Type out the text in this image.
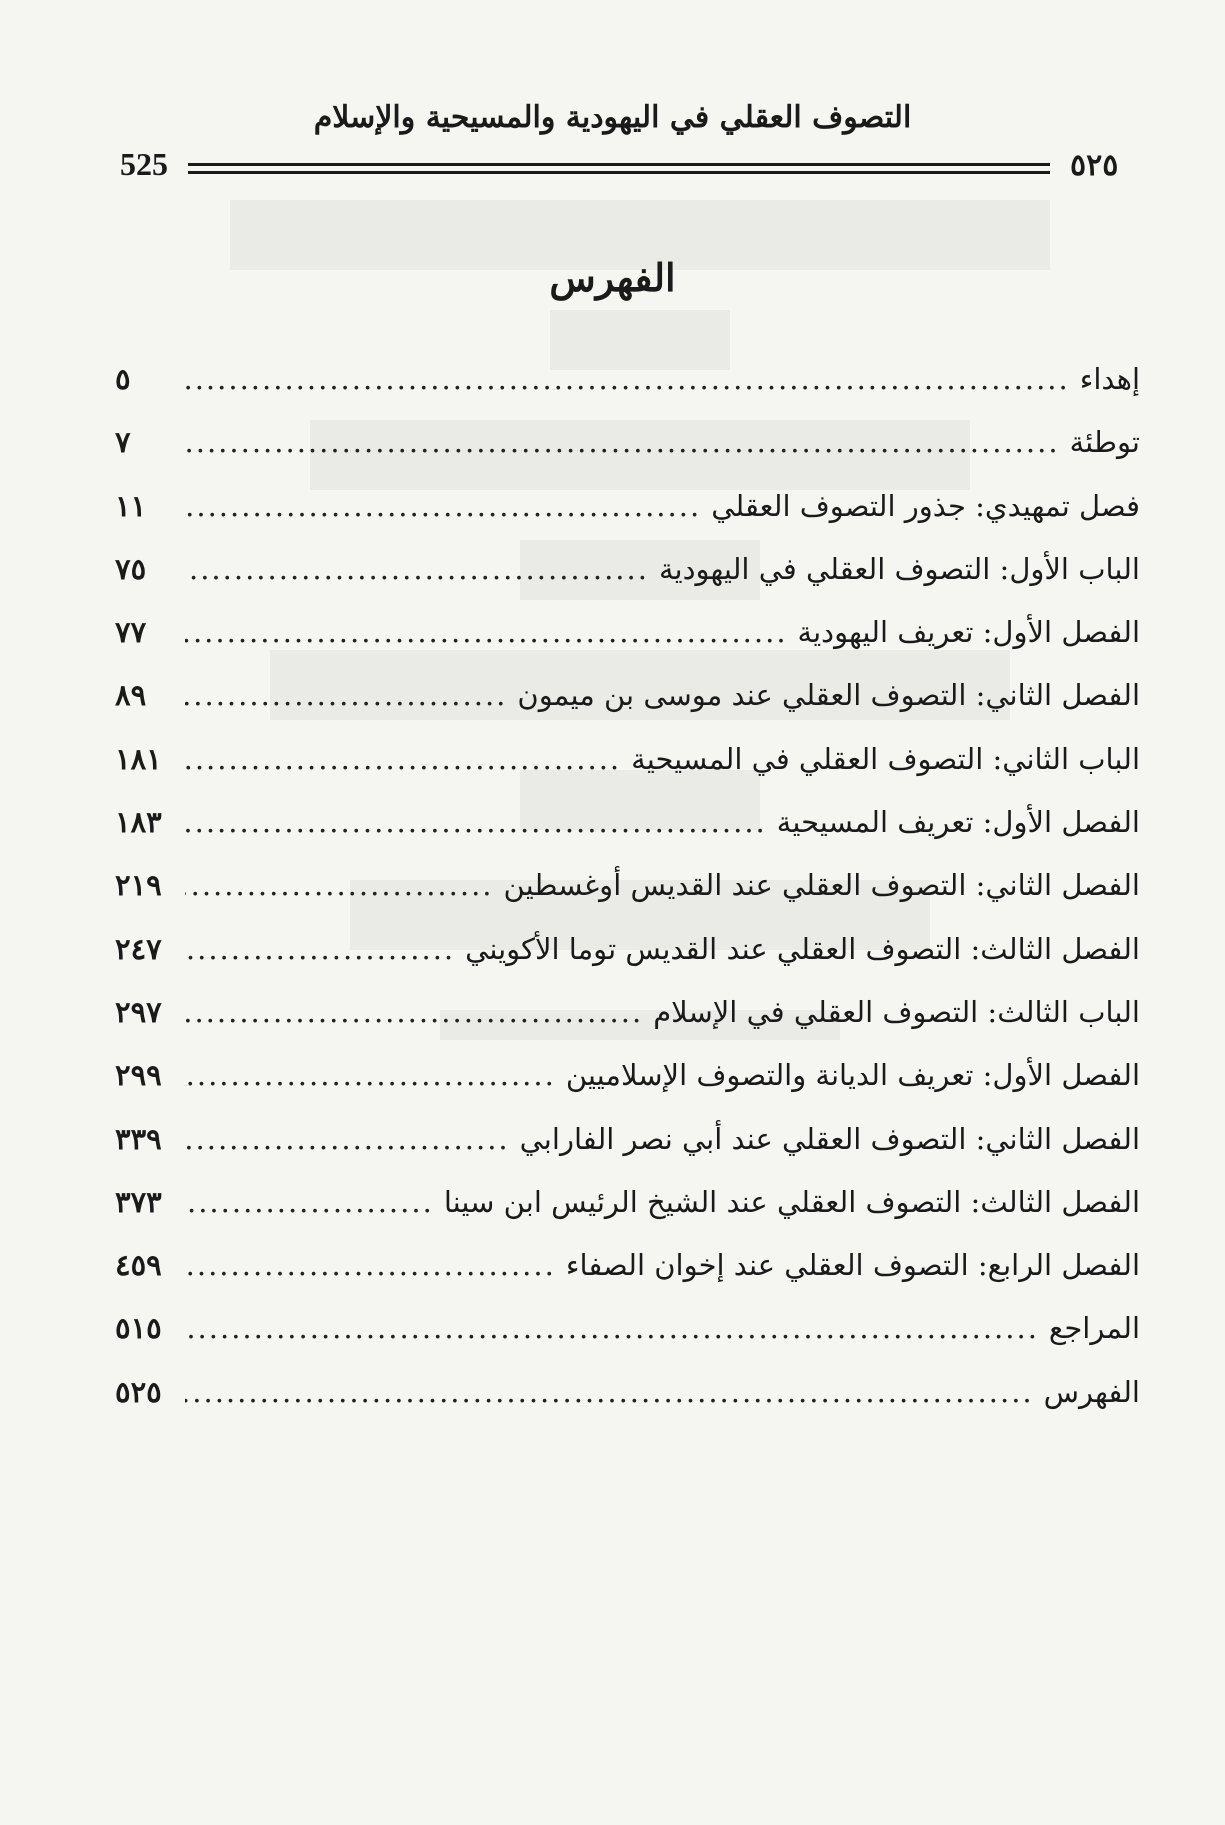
التصوف العقلي في اليهودية والمسيحية والإسلام
525	٥٢٥
الفهرس
إهداء
.....
٥
توطئة
.....
٧
فصل تمهيدي: جذور التصوف العقلي
.....
١١
الباب الأول: التصوف العقلي في اليهودية
.....
٧٥
الفصل الأول: تعريف اليهودية
.....
٧٧
الفصل الثاني: التصوف العقلي عند موسى بن ميمون
.....
٨٩
الباب الثاني: التصوف العقلي في المسيحية
.....
١٨١
الفصل الأول: تعريف المسيحية
.....
١٨٣
الفصل الثاني: التصوف العقلي عند القديس أوغسطين
.....
٢١٩
الفصل الثالث: التصوف العقلي عند القديس توما الأكويني
.....
٢٤٧
الباب الثالث: التصوف العقلي في الإسلام
.....
٢٩٧
الفصل الأول: تعريف الديانة والتصوف الإسلاميين
.....
٢٩٩
الفصل الثاني: التصوف العقلي عند أبي نصر الفارابي
.....
٣٣٩
الفصل الثالث: التصوف العقلي عند الشيخ الرئيس ابن سينا
.....
٣٧٣
الفصل الرابع: التصوف العقلي عند إخوان الصفاء
.....
٤٥٩
المراجع
.....
٥١٥
الفهرس
.....
٥٢٥
